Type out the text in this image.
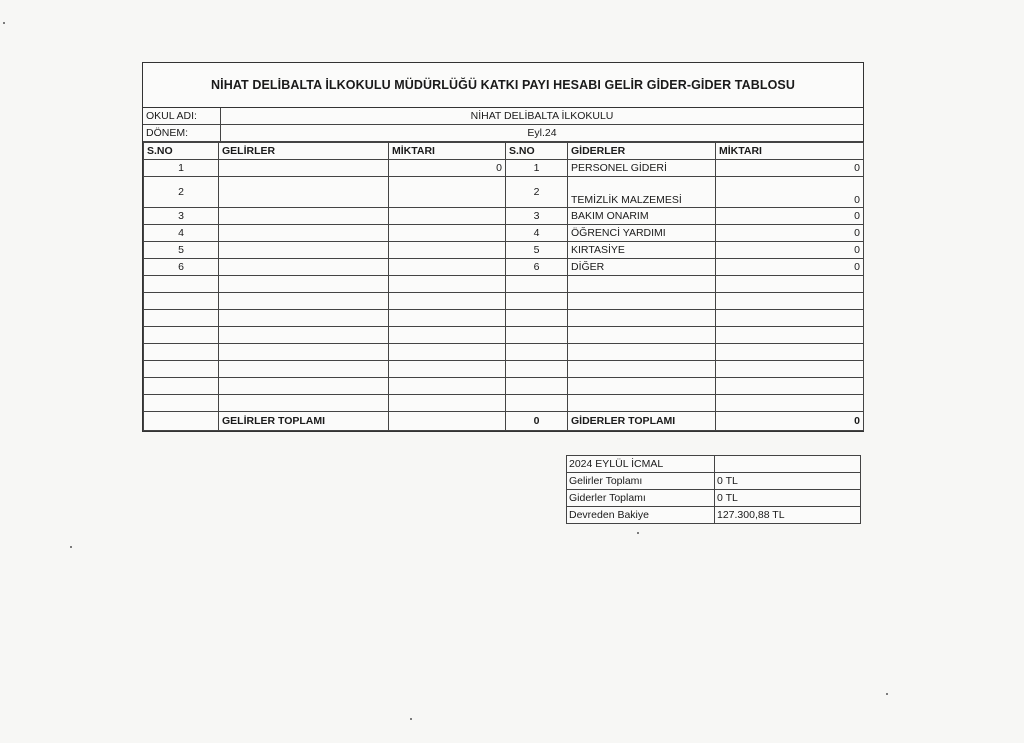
NİHAT DELİBALTA İLKOKULU MÜDÜRLÜĞÜ KATKI PAYI HESABI GELİR GİDER-GİDER TABLOSU
OKUL ADI:	NİHAT DELİBALTA İLKOKULU
DÖNEM:	Eyl.24
S.NO	GELİRLER	MİKTARI	S.NO	GİDERLER	MİKTARI
1		0	1	PERSONEL GİDERİ	0
2			2	TEMİZLİK MALZEMESİ	0
3			3	BAKIM ONARIM	0
4			4	ÖĞRENCİ YARDIMI	0
5			5	KIRTASİYE	0
6			6	DİĞER	0

	GELİRLER TOPLAMI		0	GİDERLER TOPLAMI	0
2024 EYLÜL İCMAL	
Gelirler Toplamı	0 TL
Giderler Toplamı	0 TL
Devreden Bakiye	127.300,88 TL
